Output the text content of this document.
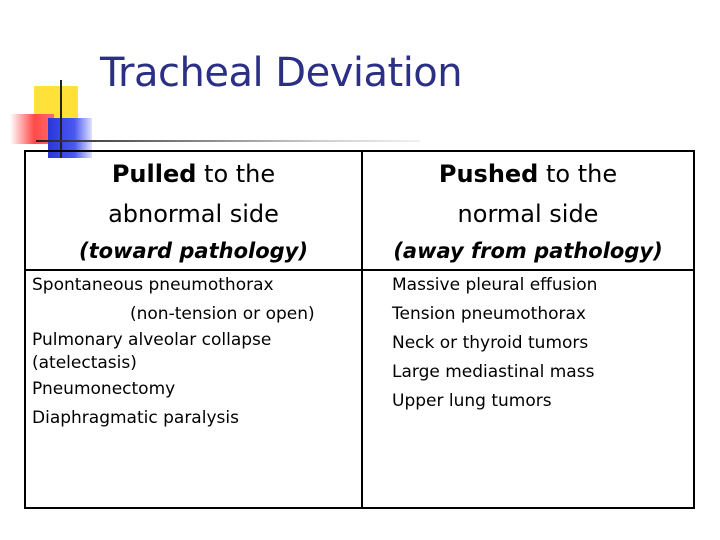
Tracheal Deviation
Pulled to the
abnormal side
(toward pathology)
Pushed to the
normal side
(away from pathology)
Spontaneous pneumothorax
(non-tension or open)
Pulmonary alveolar collapse
(atelectasis)
Pneumonectomy
Diaphragmatic paralysis
Massive pleural effusion
Tension pneumothorax
Neck or thyroid tumors
Large mediastinal mass
Upper lung tumors
